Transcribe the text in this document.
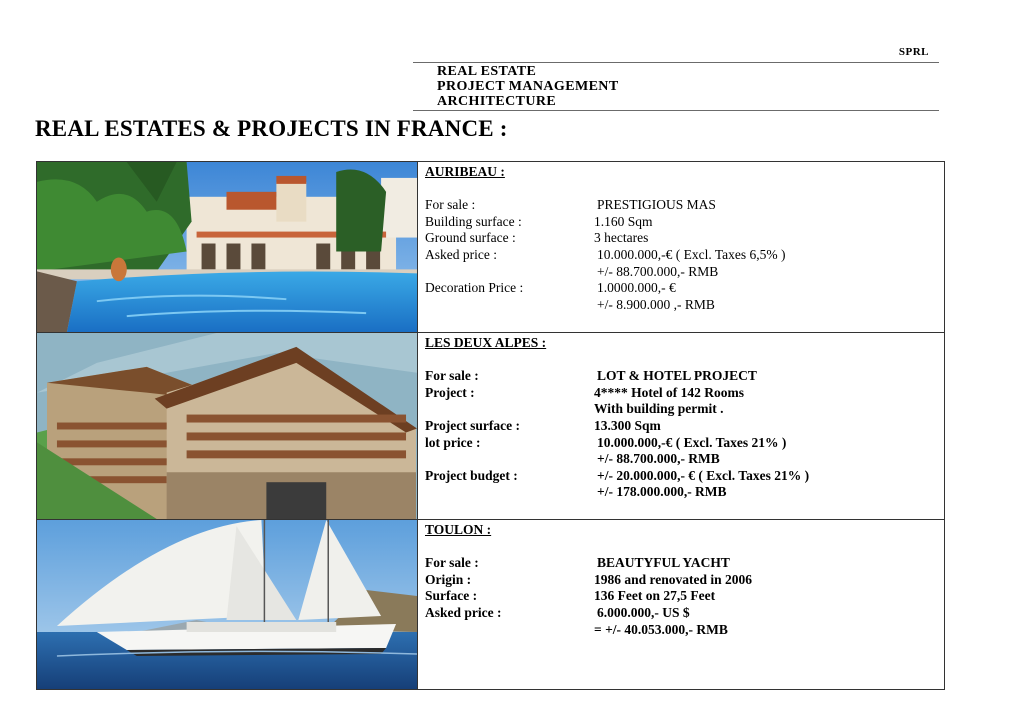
SPRL
REAL ESTATE
PROJECT MANAGEMENT
ARCHITECTURE
REAL ESTATES & PROJECTS IN FRANCE :
AURIBEAU :
For sale :	PRESTIGIOUS MAS
Building surface :	1.160 Sqm
Ground surface :	3 hectares
Asked price :	10.000.000,-€ ( Excl. Taxes 6,5% )
+/- 88.700.000,- RMB
Decoration Price :	1.0000.000,- €
+/- 8.900.000 ,- RMB
LES DEUX ALPES :
For sale :	LOT & HOTEL PROJECT
Project :	4**** Hotel of 142 Rooms
With building permit .
Project surface :	13.300 Sqm
lot price :	10.000.000,-€ ( Excl. Taxes 21% )
+/- 88.700.000,- RMB
Project budget :	+/- 20.000.000,- € ( Excl. Taxes 21% )
+/- 178.000.000,- RMB
TOULON :
For sale :	BEAUTYFUL YACHT
Origin :	1986 and renovated in 2006
Surface :	136 Feet on 27,5 Feet
Asked price :	6.000.000,- US $
= +/- 40.053.000,- RMB
